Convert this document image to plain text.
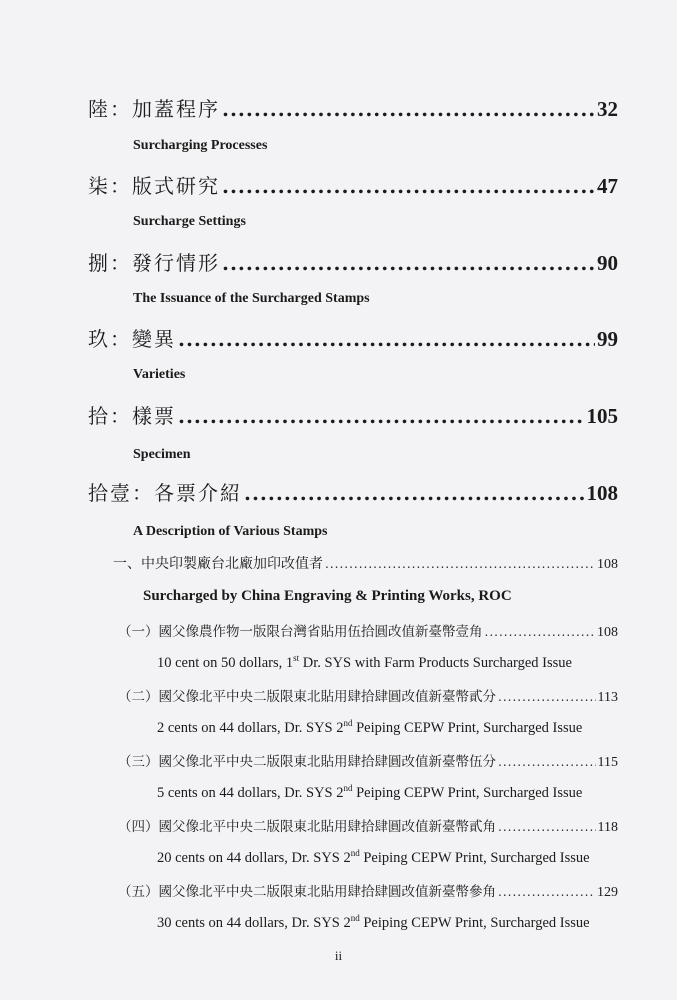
陸：加蓋程序 .....	32
Surcharging Processes
柒：版式研究 .....	47
Surcharge Settings
捌：發行情形 .....	90
The Issuance of the Surcharged Stamps
玖：變異 .....	99
Varieties
拾：樣票 .....	105
Specimen
拾壹：各票介紹 .....	108
A Description of Various Stamps
一、中央印製廠台北廠加印改值者 .....	108
Surcharged by China Engraving & Printing Works, ROC
（一）國父像農作物一版限台灣省貼用伍拾圓改值新臺幣壹角 .....	108
10 cent on 50 dollars, 1st Dr. SYS with Farm Products Surcharged Issue
（二）國父像北平中央二版限東北貼用肆拾肆圓改值新臺幣貳分 .....	113
2 cents on 44 dollars, Dr. SYS 2nd Peiping CEPW Print, Surcharged Issue
（三）國父像北平中央二版限東北貼用肆拾肆圓改值新臺幣伍分 .....	115
5 cents on 44 dollars, Dr. SYS 2nd Peiping CEPW Print, Surcharged Issue
（四）國父像北平中央二版限東北貼用肆拾肆圓改值新臺幣貳角 .....	118
20 cents on 44 dollars, Dr. SYS 2nd Peiping CEPW Print, Surcharged Issue
（五）國父像北平中央二版限東北貼用肆拾肆圓改值新臺幣參角 .....	129
30 cents on 44 dollars, Dr. SYS 2nd Peiping CEPW Print, Surcharged Issue
ii
